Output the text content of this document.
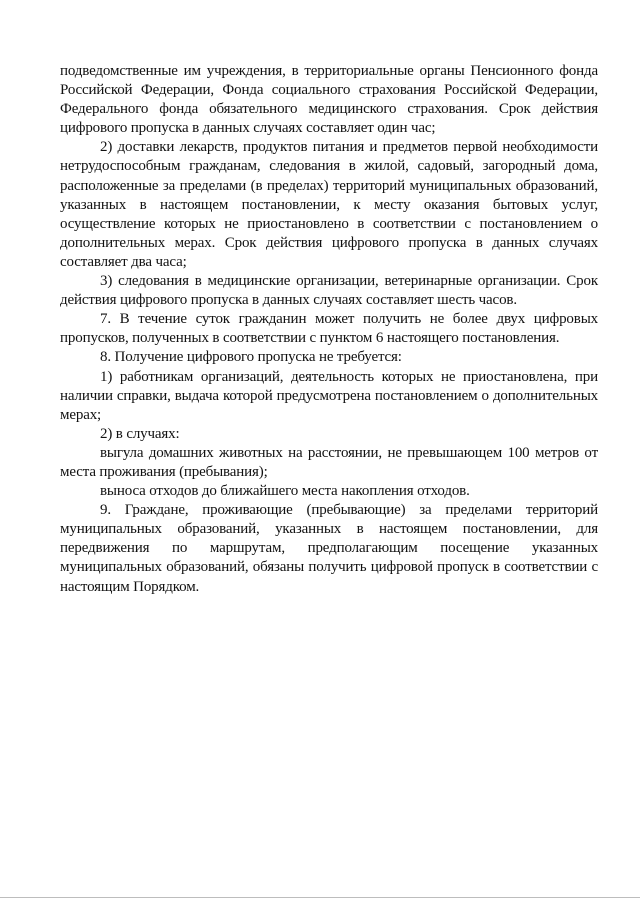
подведомственные им учреждения, в территориальные органы Пенсионного фонда Российской Федерации, Фонда социального страхования Российской Федерации, Федерального фонда обязательного медицинского страхования. Срок действия цифрового пропуска в данных случаях составляет один час;

2) доставки лекарств, продуктов питания и предметов первой необходимости нетрудоспособным гражданам, следования в жилой, садовый, загородный дома, расположенные за пределами (в пределах) территорий муниципальных образований, указанных в настоящем постановлении, к месту оказания бытовых услуг, осуществление которых не приостановлено в соответствии с постановлением о дополнительных мерах. Срок действия цифрового пропуска в данных случаях составляет два часа;

3) следования в медицинские организации, ветеринарные организации. Срок действия цифрового пропуска в данных случаях составляет шесть часов.

7. В течение суток гражданин может получить не более двух цифровых пропусков, полученных в соответствии с пунктом 6 настоящего постановления.

8. Получение цифрового пропуска не требуется:

1) работникам организаций, деятельность которых не приостановлена, при наличии справки, выдача которой предусмотрена постановлением о дополнительных мерах;

2) в случаях:

выгула домашних животных на расстоянии, не превышающем 100 метров от места проживания (пребывания);

выноса отходов до ближайшего места накопления отходов.

9. Граждане, проживающие (пребывающие) за пределами территорий муниципальных образований, указанных в настоящем постановлении, для передвижения по маршрутам, предполагающим посещение указанных муниципальных образований, обязаны получить цифровой пропуск в соответствии с настоящим Порядком.
